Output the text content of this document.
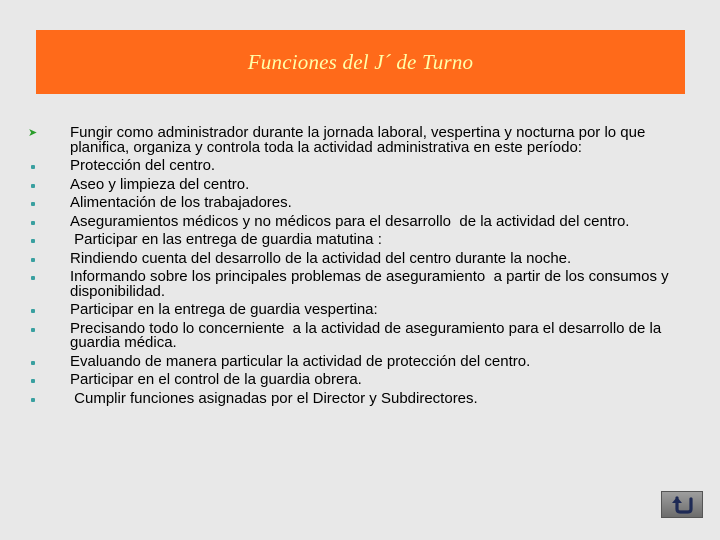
Funciones del J´ de Turno
➤ Fungir como administrador durante la jornada laboral, vespertina y nocturna por lo que planifica, organiza y controla toda la actividad administrativa en este período:
Protección del centro.
Aseo y limpieza del centro.
Alimentación de los trabajadores.
Aseguramientos médicos y no médicos para el desarrollo  de la actividad del centro.
Participar en las entrega de guardia matutina :
Rindiendo cuenta del desarrollo de la actividad del centro durante la noche.
Informando sobre los principales problemas de aseguramiento  a partir de los consumos y disponibilidad.
Participar en la entrega de guardia vespertina:
Precisando todo lo concerniente  a la actividad de aseguramiento para el desarrollo de la guardia médica.
Evaluando de manera particular la actividad de protección del centro.
Participar en el control de la guardia obrera.
Cumplir funciones asignadas por el Director y Subdirectores.
